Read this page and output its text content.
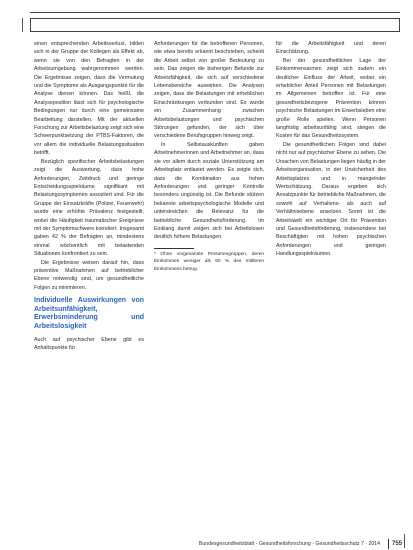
einen entsprechenden Arbeitsverlust, bilden sich in der Gruppe der Kollegen als Effekt ab, wenn sie von den Befragten in der Arbeitsumgebung wahrgenommen werden. Die Ergebnisse zeigen, dass die Vermutung und die Symptome als Ausgangspunkte für die Analyse dienen können. Das heißt, die Analyseposition lässt sich für psychologische Bedingungen nur durch eine gemeinsame Bearbeitung darstellen. Mit der aktuellen Forschung zur Arbeitsbelastung zeigt sich eine Schwerpunktsetzung der PTBS-Faktoren, die vor allem die individuelle Belastungssituation betrifft.

Bezüglich spezifischer Arbeitsbelastungen zeigt die Auswertung, dass hohe Anforderungen, Zeitdruck und geringe Entscheidungsspielräume signifikant mit Belastungssymptomen assoziiert sind. Für die Gruppe der Einsatzkräfte (Polizei, Feuerwehr) wurde eine erhöhte Prävalenz festgestellt, wobei die Häufigkeit traumatischer Ereignisse mit der Symptomschwere korreliert. Insgesamt gaben 42 % der Befragten an, mindestens einmal wöchentlich mit belastenden Situationen konfrontiert zu sein.

Die Ergebnisse weisen darauf hin, dass präventive Maßnahmen auf betrieblicher Ebene notwendig sind, um gesundheitliche Folgen zu minimieren.

Individuelle Auswirkungen von Arbeitsunfähigkeit, Erwerbsminderung und Arbeitslosigkeit

Auch auf psychischer Ebene gibt es Anhaltspunkte für

Anforderungen für die betroffenen Personen, wie etwa bereits erkannt beschrieben, scheint die Arbeit selbst von großer Bedeutung zu sein. Das zeigen die bisherigen Befunde zur Arbeitsfähigkeit, die sich auf verschiedene Lebensbereiche auswirken. Die Analysen zeigen, dass die Belastungen mit erheblichen Einschränkungen verbunden sind. Es wurde ein Zusammenhang zwischen Arbeitsbelastungen und psychischen Störungen gefunden, der sich über verschiedene Berufsgruppen hinweg zeigt.

In Selbstauskünften gaben Arbeitnehmerinnen und Arbeitnehmer an, dass sie vor allem durch soziale Unterstützung am Arbeitsplatz entlastet werden. Es zeigte sich, dass die Kombination aus hohen Anforderungen und geringer Kontrolle besonders ungünstig ist. Die Befunde stützen bekannte arbeitspsychologische Modelle und unterstreichen die Relevanz für die betriebliche Gesundheitsförderung. Im Einklang damit zeigen sich bei Arbeitslosen deutlich höhere Belastungen.

* Ohne vorgenannte Personengruppen, deren Einkommen weniger als 60 % des mittleren Einkommens betrug.

für die Arbeitsfähigkeit und deren Einschätzung.

Bei der gesundheitlichen Lage der Einkommensarmen zeigt sich zudem ein deutlicher Einfluss der Arbeit, wobei ein erheblicher Anteil Personen mit Belastungen im Allgemeinen betroffen ist. Für eine gesundheitsbezogene Prävention können psychische Belastungen im Erwerbsleben eine große Rolle spielen. Wenn Personen langfristig arbeitsunfähig sind, steigen die Kosten für das Gesundheitssystem.

Die gesundheitlichen Folgen sind dabei nicht nur auf psychischer Ebene zu sehen. Die Ursachen von Belastungen liegen häufig in der Arbeitsorganisation, in der Unsicherheit des Arbeitsplatzes und in mangelnder Wertschätzung. Daraus ergeben sich Ansatzpunkte für betriebliche Maßnahmen, die sowohl auf Verhaltens- als auch auf Verhältnisebene ansetzen. Somit ist die Arbeitswelt ein wichtiger Ort für Prävention und Gesundheitsförderung, insbesondere bei Beschäftigten mit hohen psychischen Anforderungen und geringen Handlungsspielräumen.

Bundesgesundheitsblatt - Gesundheitsforschung - Gesundheitsschutz 7 · 2014	755
